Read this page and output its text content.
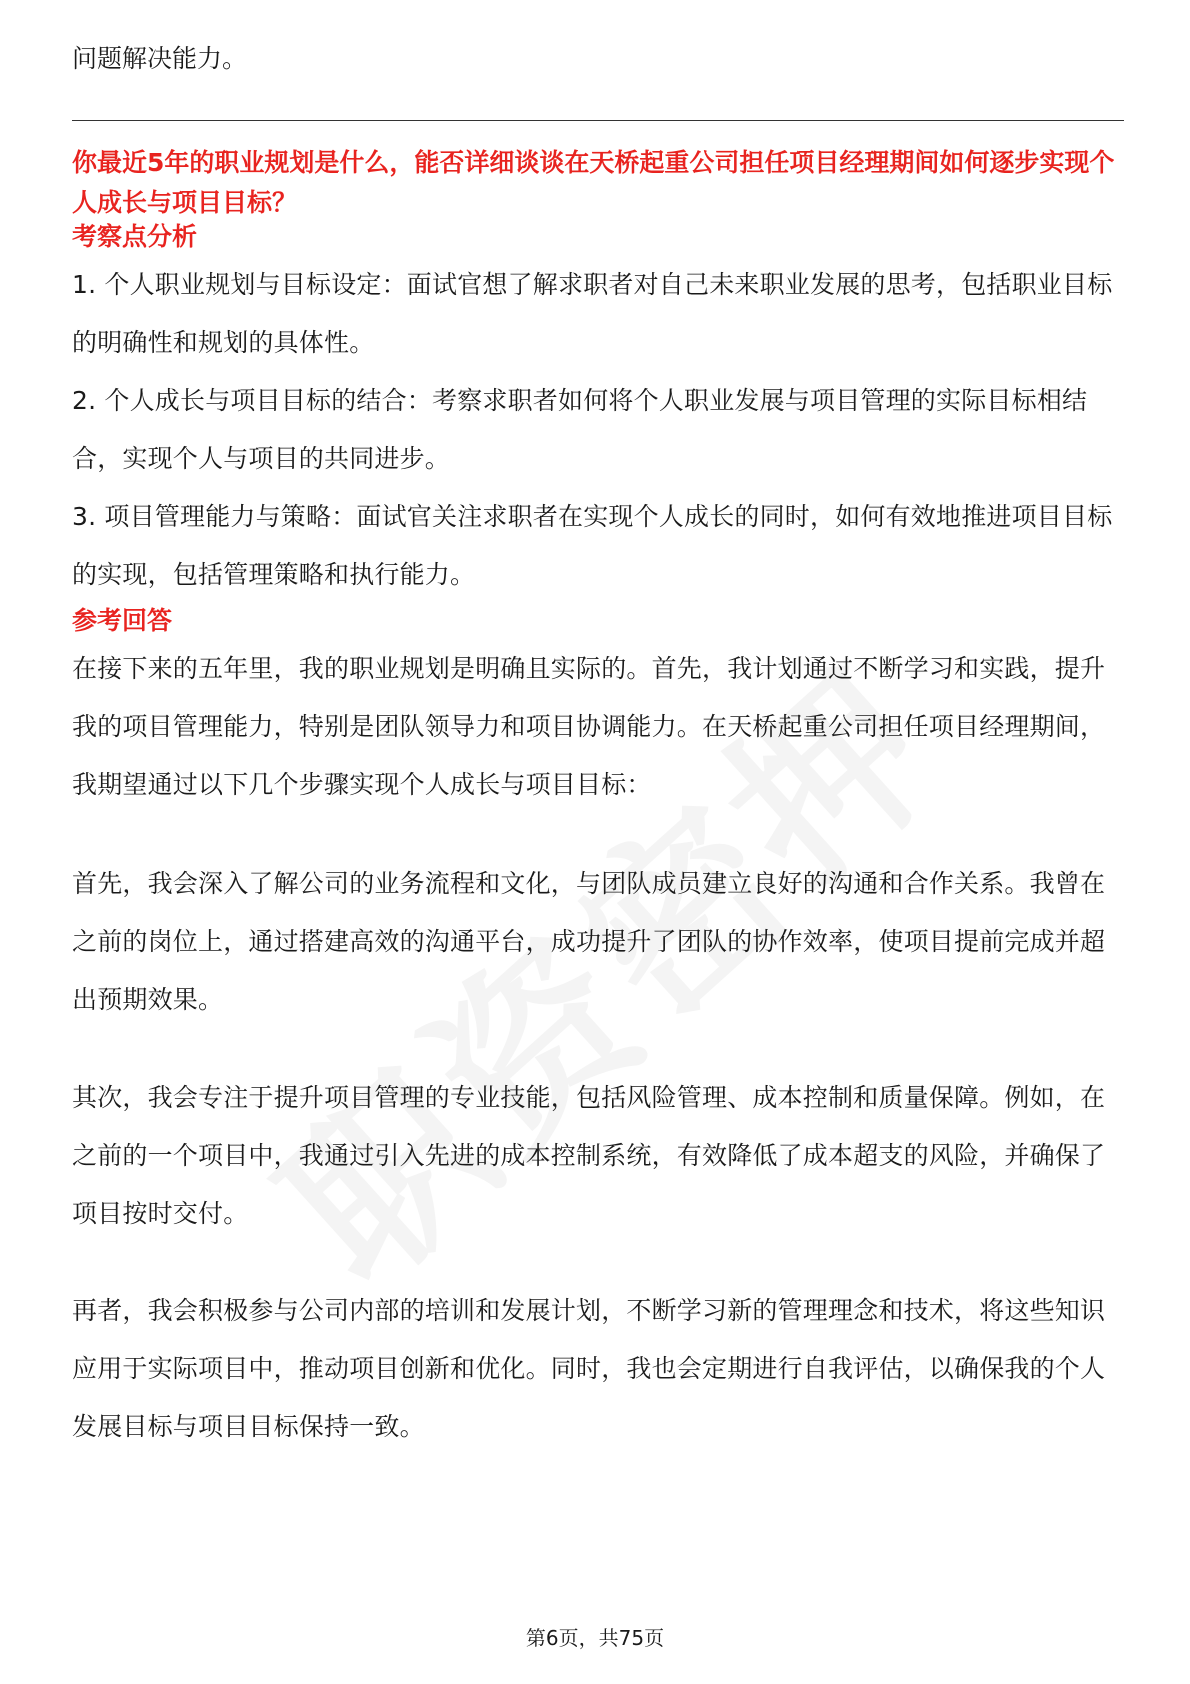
问题解决能力。

你最近5年的职业规划是什么，能否详细谈谈在天桥起重公司担任项目经理期间如何逐步实现个人成长与项目目标？

考察点分析

1. 个人职业规划与目标设定：面试官想了解求职者对自己未来职业发展的思考，包括职业目标的明确性和规划的具体性。

2. 个人成长与项目目标的结合：考察求职者如何将个人职业发展与项目管理的实际目标相结合，实现个人与项目的共同进步。

3. 项目管理能力与策略：面试官关注求职者在实现个人成长的同时，如何有效地推进项目目标的实现，包括管理策略和执行能力。

参考回答

在接下来的五年里，我的职业规划是明确且实际的。首先，我计划通过不断学习和实践，提升我的项目管理能力，特别是团队领导力和项目协调能力。在天桥起重公司担任项目经理期间，我期望通过以下几个步骤实现个人成长与项目目标：

首先，我会深入了解公司的业务流程和文化，与团队成员建立良好的沟通和合作关系。我曾在之前的岗位上，通过搭建高效的沟通平台，成功提升了团队的协作效率，使项目提前完成并超出预期效果。

其次，我会专注于提升项目管理的专业技能，包括风险管理、成本控制和质量保障。例如，在之前的一个项目中，我通过引入先进的成本控制系统，有效降低了成本超支的风险，并确保了项目按时交付。

再者，我会积极参与公司内部的培训和发展计划，不断学习新的管理理念和技术，将这些知识应用于实际项目中，推动项目创新和优化。同时，我也会定期进行自我评估，以确保我的个人发展目标与项目目标保持一致。

第6页，共75页
